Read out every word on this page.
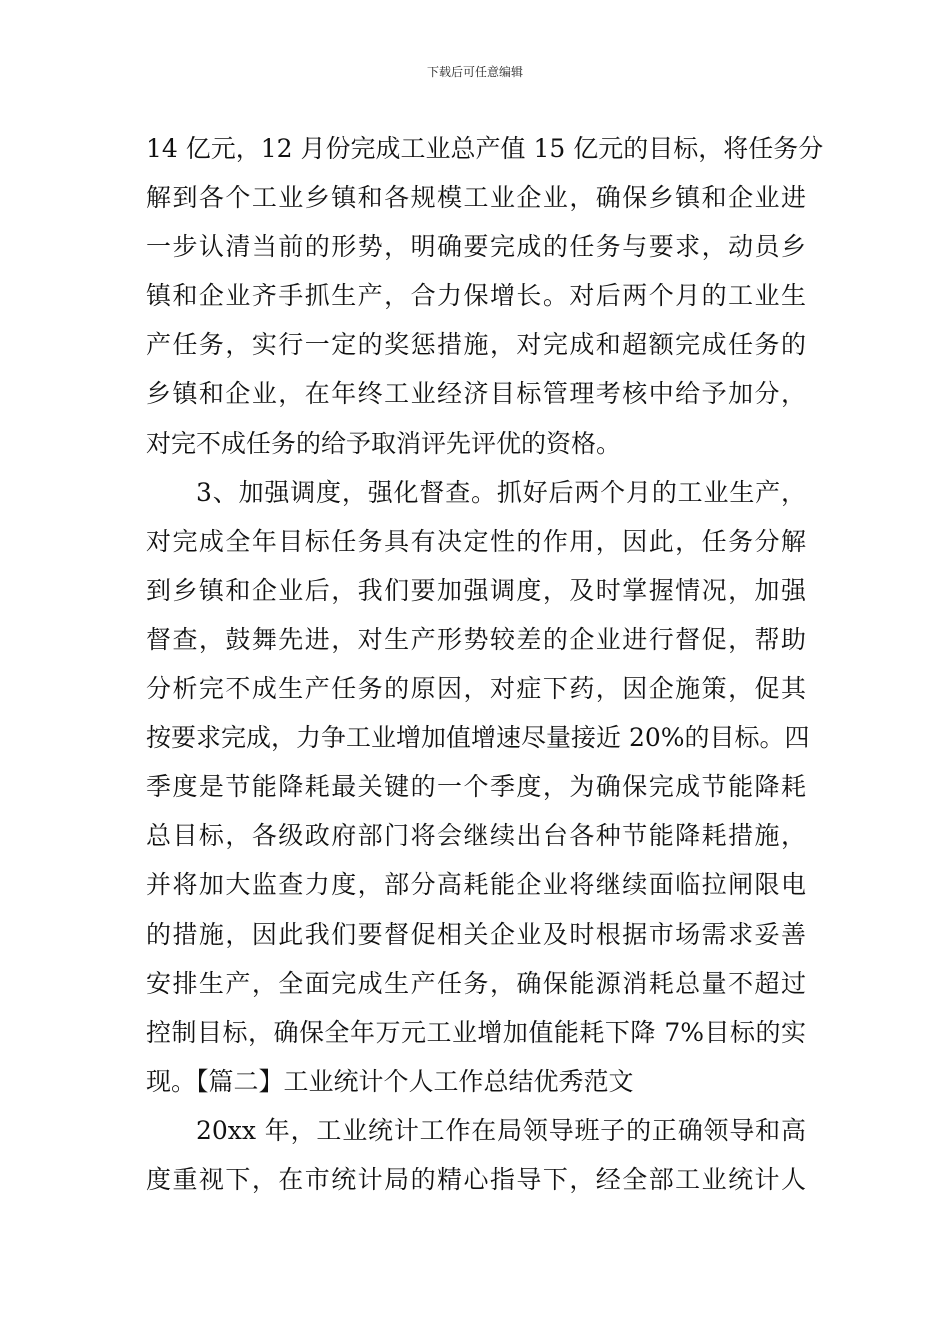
下载后可任意编辑
14 亿元，12 月份完成工业总产值 15 亿元的目标，将任务分
解到各个工业乡镇和各规模工业企业，确保乡镇和企业进
一步认清当前的形势，明确要完成的任务与要求，动员乡
镇和企业齐手抓生产，合力保增长。对后两个月的工业生
产任务，实行一定的奖惩措施，对完成和超额完成任务的
乡镇和企业，在年终工业经济目标管理考核中给予加分，
对完不成任务的给予取消评先评优的资格。
3、加强调度，强化督查。抓好后两个月的工业生产，
对完成全年目标任务具有决定性的作用，因此，任务分解
到乡镇和企业后，我们要加强调度，及时掌握情况，加强
督查，鼓舞先进，对生产形势较差的企业进行督促，帮助
分析完不成生产任务的原因，对症下药，因企施策，促其
按要求完成，力争工业增加值增速尽量接近 20%的目标。四
季度是节能降耗最关键的一个季度，为确保完成节能降耗
总目标，各级政府部门将会继续出台各种节能降耗措施，
并将加大监查力度，部分高耗能企业将继续面临拉闸限电
的措施，因此我们要督促相关企业及时根据市场需求妥善
安排生产，全面完成生产任务，确保能源消耗总量不超过
控制目标，确保全年万元工业增加值能耗下降 7%目标的实
现。【篇二】工业统计个人工作总结优秀范文
20xx 年，工业统计工作在局领导班子的正确领导和高
度重视下，在市统计局的精心指导下，经全部工业统计人
